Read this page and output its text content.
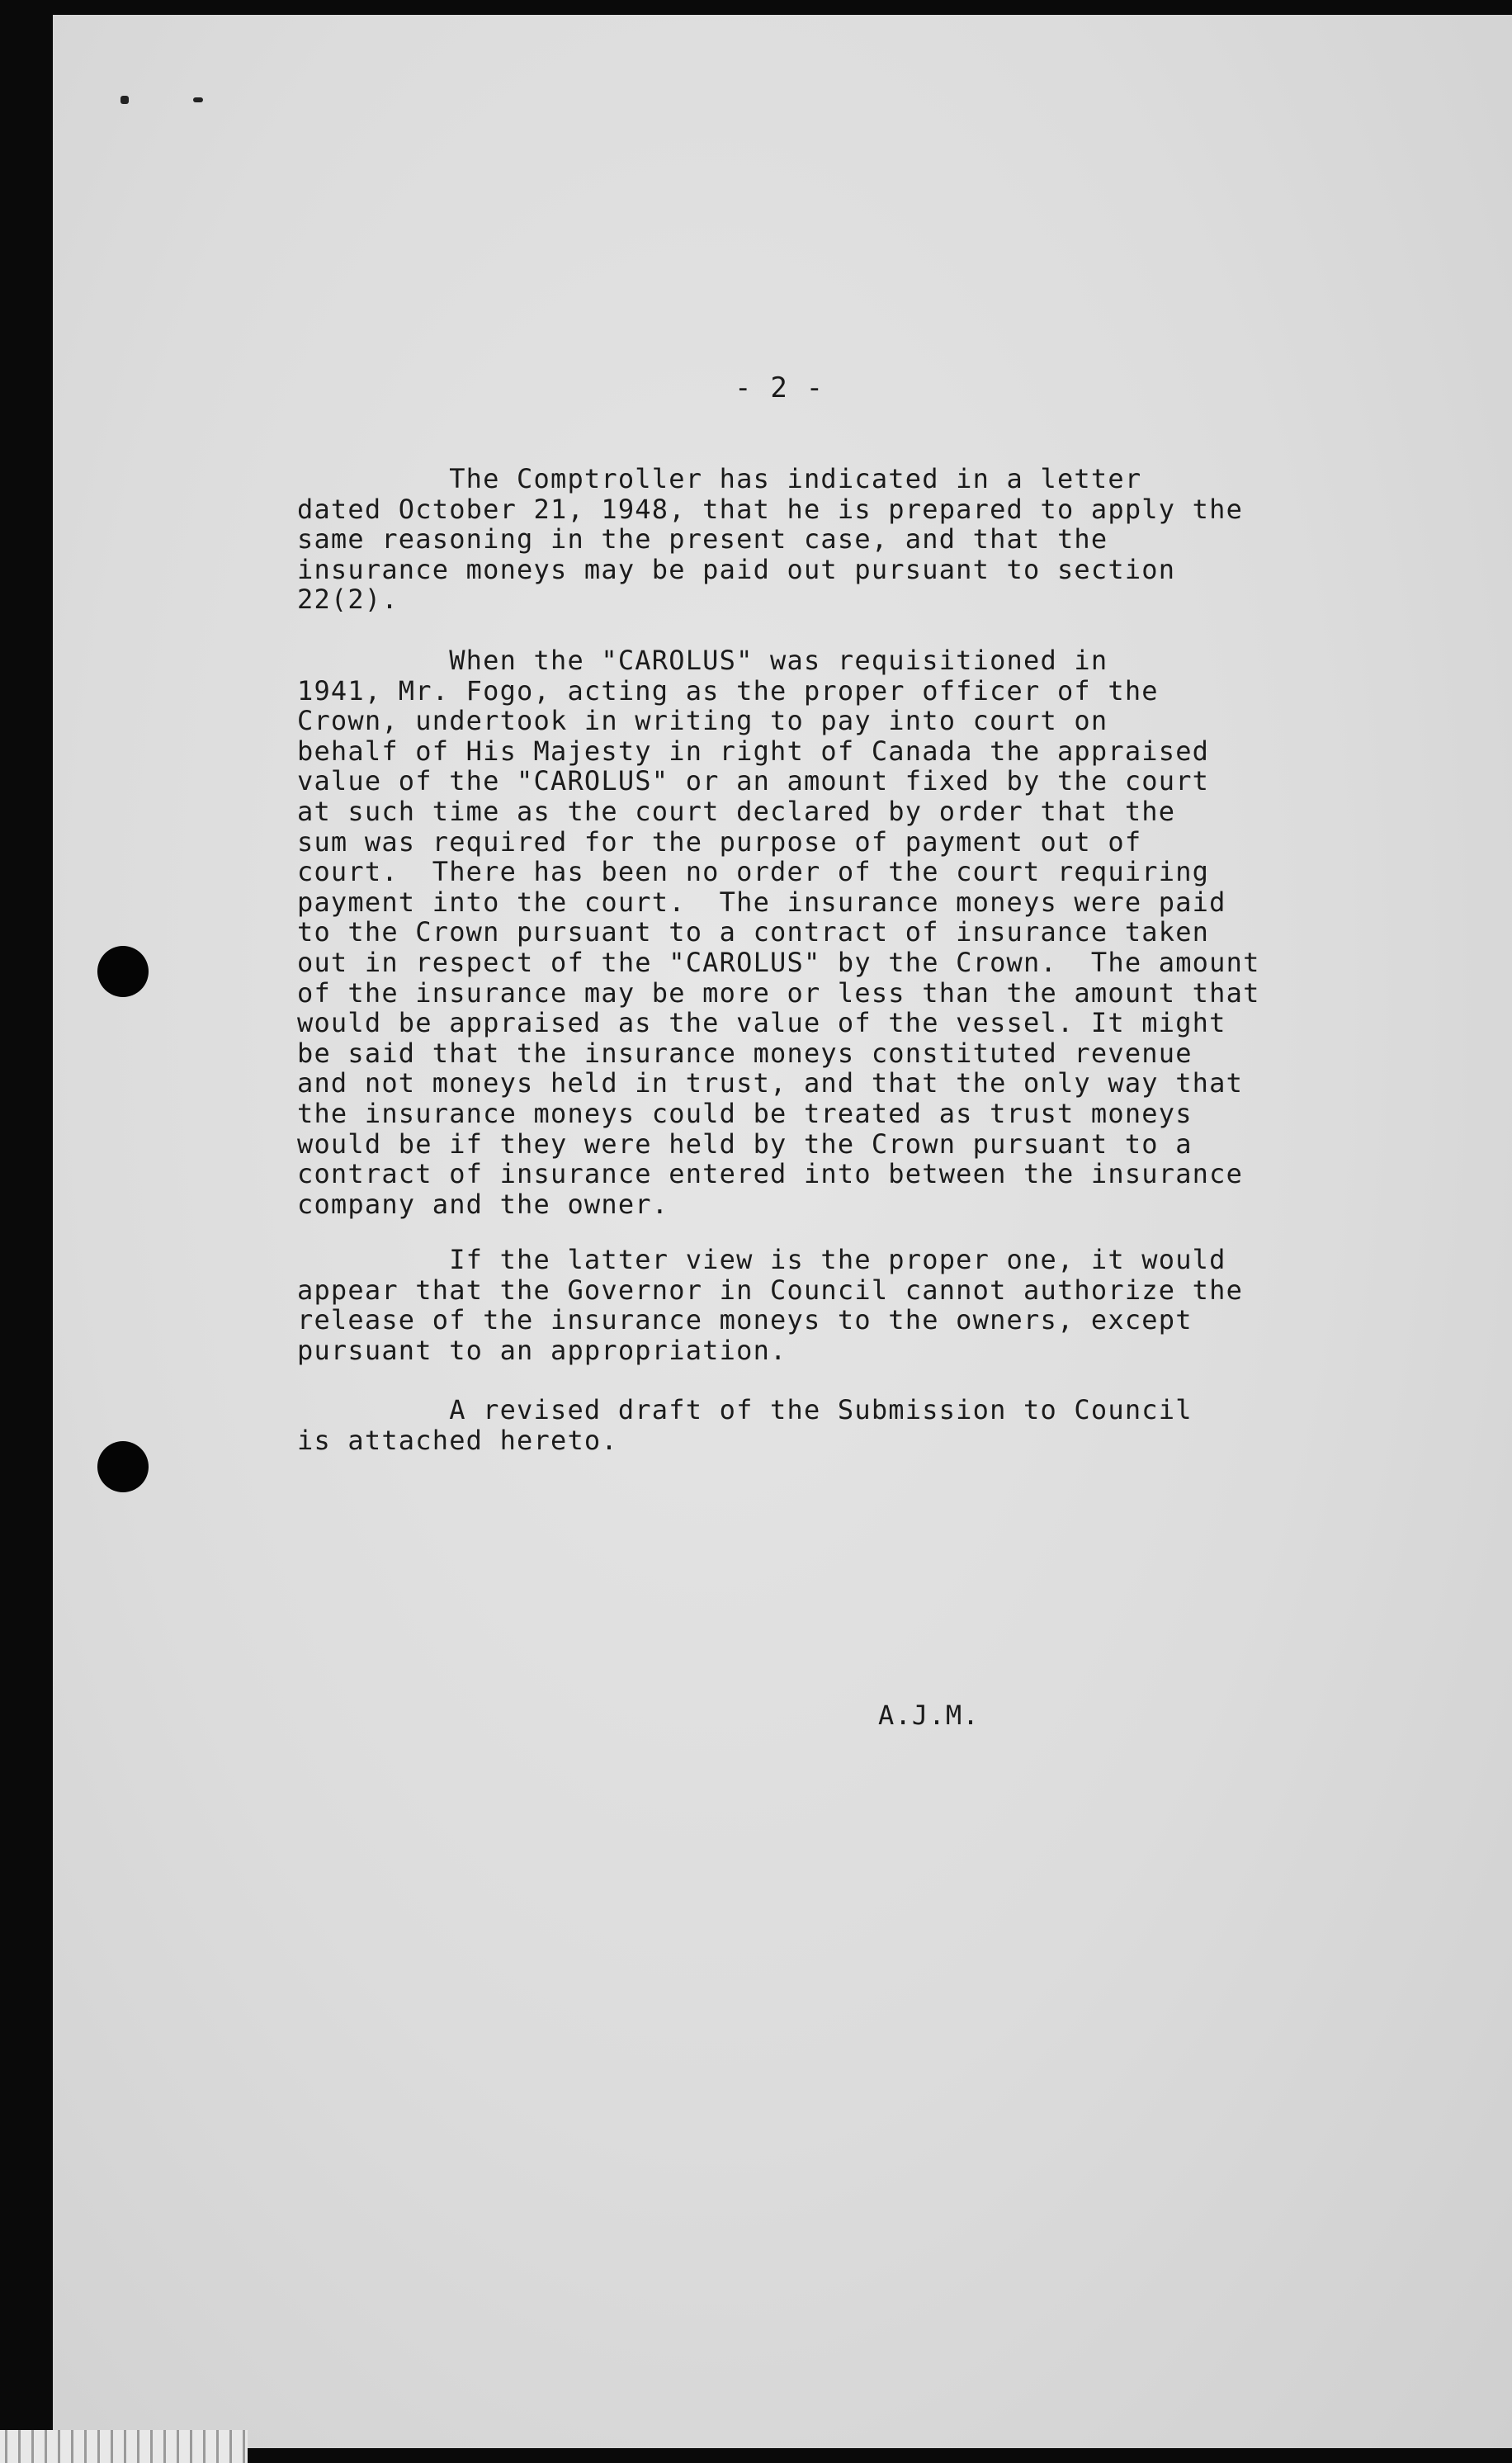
- 2 -
The Comptroller has indicated in a letter
dated October 21, 1948, that he is prepared to apply the
same reasoning in the present case, and that the
insurance moneys may be paid out pursuant to section
22(2).
When the "CAROLUS" was requisitioned in
1941, Mr. Fogo, acting as the proper officer of the
Crown, undertook in writing to pay into court on
behalf of His Majesty in right of Canada the appraised
value of the "CAROLUS" or an amount fixed by the court
at such time as the court declared by order that the
sum was required for the purpose of payment out of
court.  There has been no order of the court requiring
payment into the court.  The insurance moneys were paid
to the Crown pursuant to a contract of insurance taken
out in respect of the "CAROLUS" by the Crown.  The amount
of the insurance may be more or less than the amount that
would be appraised as the value of the vessel. It might
be said that the insurance moneys constituted revenue
and not moneys held in trust, and that the only way that
the insurance moneys could be treated as trust moneys
would be if they were held by the Crown pursuant to a
contract of insurance entered into between the insurance
company and the owner.
If the latter view is the proper one, it would
appear that the Governor in Council cannot authorize the
release of the insurance moneys to the owners, except
pursuant to an appropriation.
A revised draft of the Submission to Council
is attached hereto.
A.J.M.
